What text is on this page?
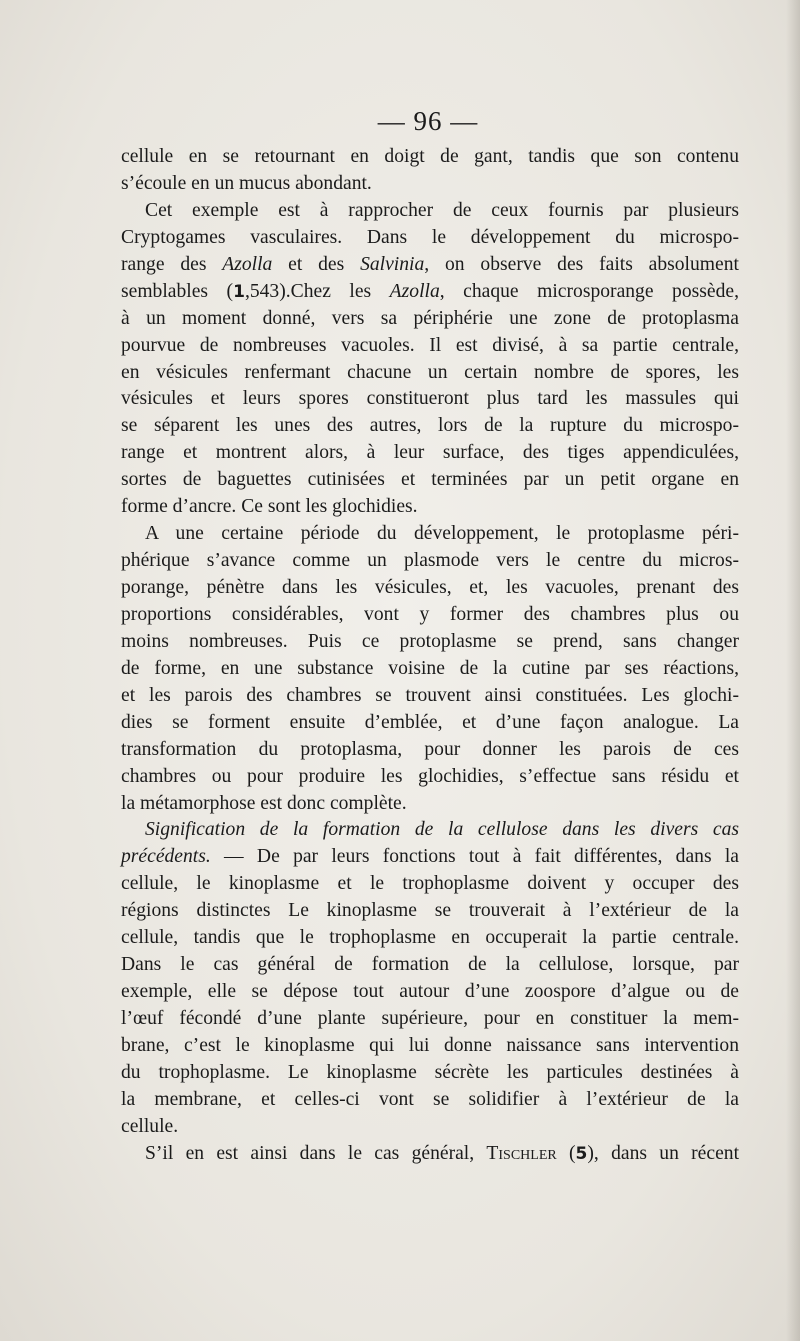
— 96 —
cellule en se retournant en doigt de gant, tandis que son contenu
s’écoule en un mucus abondant.
Cet exemple est à rapprocher de ceux fournis par plusieurs
Cryptogames vasculaires. Dans le développement du microspo-
range des Azolla et des Salvinia, on observe des faits absolument
semblables (1,543).Chez les Azolla, chaque microsporange possède,
à un moment donné, vers sa périphérie une zone de protoplasma
pourvue de nombreuses vacuoles. Il est divisé, à sa partie centrale,
en vésicules renfermant chacune un certain nombre de spores, les
vésicules et leurs spores constitueront plus tard les massules qui
se séparent les unes des autres, lors de la rupture du microspo-
range et montrent alors, à leur surface, des tiges appendiculées,
sortes de baguettes cutinisées et terminées par un petit organe en
forme d’ancre. Ce sont les glochidies.
A une certaine période du développement, le protoplasme péri-
phérique s’avance comme un plasmode vers le centre du micros-
porange, pénètre dans les vésicules, et, les vacuoles, prenant des
proportions considérables, vont y former des chambres plus ou
moins nombreuses. Puis ce protoplasme se prend, sans changer
de forme, en une substance voisine de la cutine par ses réactions,
et les parois des chambres se trouvent ainsi constituées. Les glochi-
dies se forment ensuite d’emblée, et d’une façon analogue. La
transformation du protoplasma, pour donner les parois de ces
chambres ou pour produire les glochidies, s’effectue sans résidu et
la métamorphose est donc complète.
Signification de la formation de la cellulose dans les divers cas
précédents. — De par leurs fonctions tout à fait différentes, dans la
cellule, le kinoplasme et le trophoplasme doivent y occuper des
régions distinctes Le kinoplasme se trouverait à l’extérieur de la
cellule, tandis que le trophoplasme en occuperait la partie centrale.
Dans le cas général de formation de la cellulose, lorsque, par
exemple, elle se dépose tout autour d’une zoospore d’algue ou de
l’œuf fécondé d’une plante supérieure, pour en constituer la mem-
brane, c’est le kinoplasme qui lui donne naissance sans intervention
du trophoplasme. Le kinoplasme sécrète les particules destinées à
la membrane, et celles-ci vont se solidifier à l’extérieur de la
cellule.
S’il en est ainsi dans le cas général, Tischler (5), dans un récent
